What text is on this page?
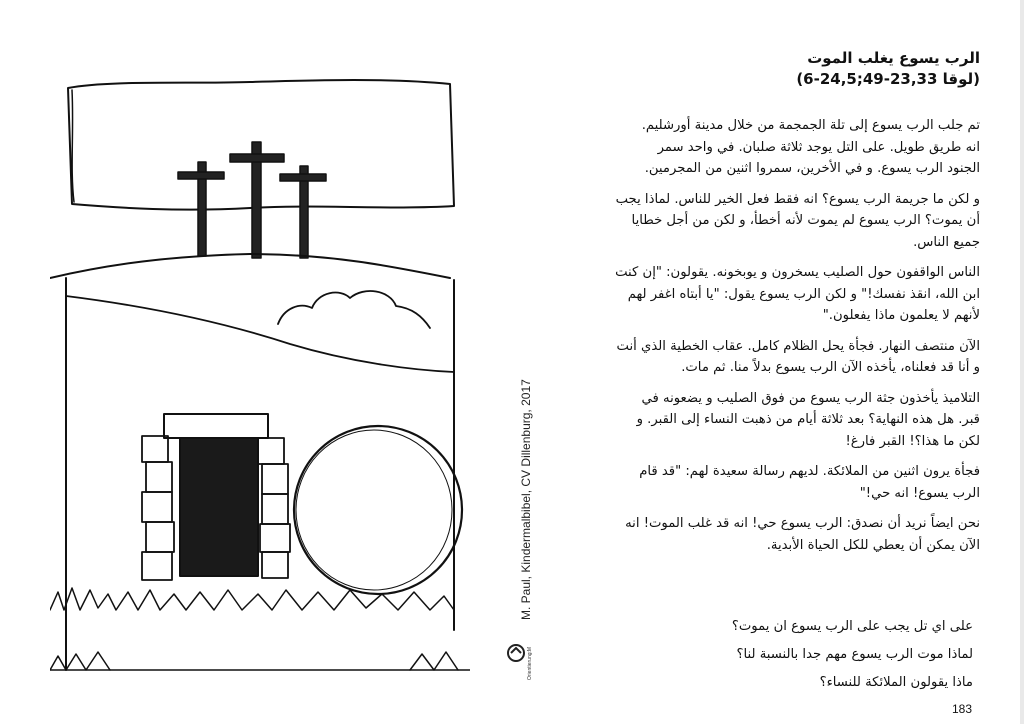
M. Paul, Kindermalbibel, CV Dillenburg, 2017
Orientierung:M
الرب يسوع يغلب الموت
(لوقا 23,33-49;24,5-6)

تم جلب الرب يسوع إلى تلة الجمجمة من خلال مدينة أورشليم.

انه طريق طويل. على التل يوجد ثلاثة صلبان. في واحد سمر

الجنود الرب يسوع. و في الأخرين، سمروا اثنين من المجرمين.

و لكن ما جريمة الرب يسوع؟ انه فقط فعل الخير للناس. لماذا يجب

أن يموت؟ الرب يسوع لم يموت لأنه أخطأ، و لكن من أجل خطايا

جميع الناس.

الناس الواقفون حول الصليب يسخرون و يوبخونه. يقولون: "إن كنت

ابن الله، انقذ نفسك!" و لكن الرب يسوع يقول: "يا أبتاه اغفر لهم

لأنهم لا يعلمون ماذا يفعلون."

الآن منتصف النهار. فجأة يحل الظلام كامل. عقاب الخطية الذي أنت

و أنا قد فعلناه، يأخذه الآن الرب يسوع بدلاً منا. ثم مات.

التلاميذ يأخذون جثة الرب يسوع من فوق الصليب و يضعونه في

قبر. هل هذه النهاية؟ بعد ثلاثة أيام من ذهبت النساء إلى القبر. و

لكن ما هذا؟! القبر فارغ!

فجأة يرون اثنين من الملائكة. لديهم رسالة سعيدة لهم: "قد قام

الرب يسوع! انه حي!"

نحن ايضاً نريد أن نصدق: الرب يسوع حي! انه قد غلب الموت! انه

الآن يمكن أن يعطي للكل الحياة الأبدية.

على اي تل يجب على الرب يسوع ان يموت؟

لماذا موت الرب يسوع مهم جدا بالنسبة لنا؟

ماذا يقولون الملائكة للنساء؟

183
